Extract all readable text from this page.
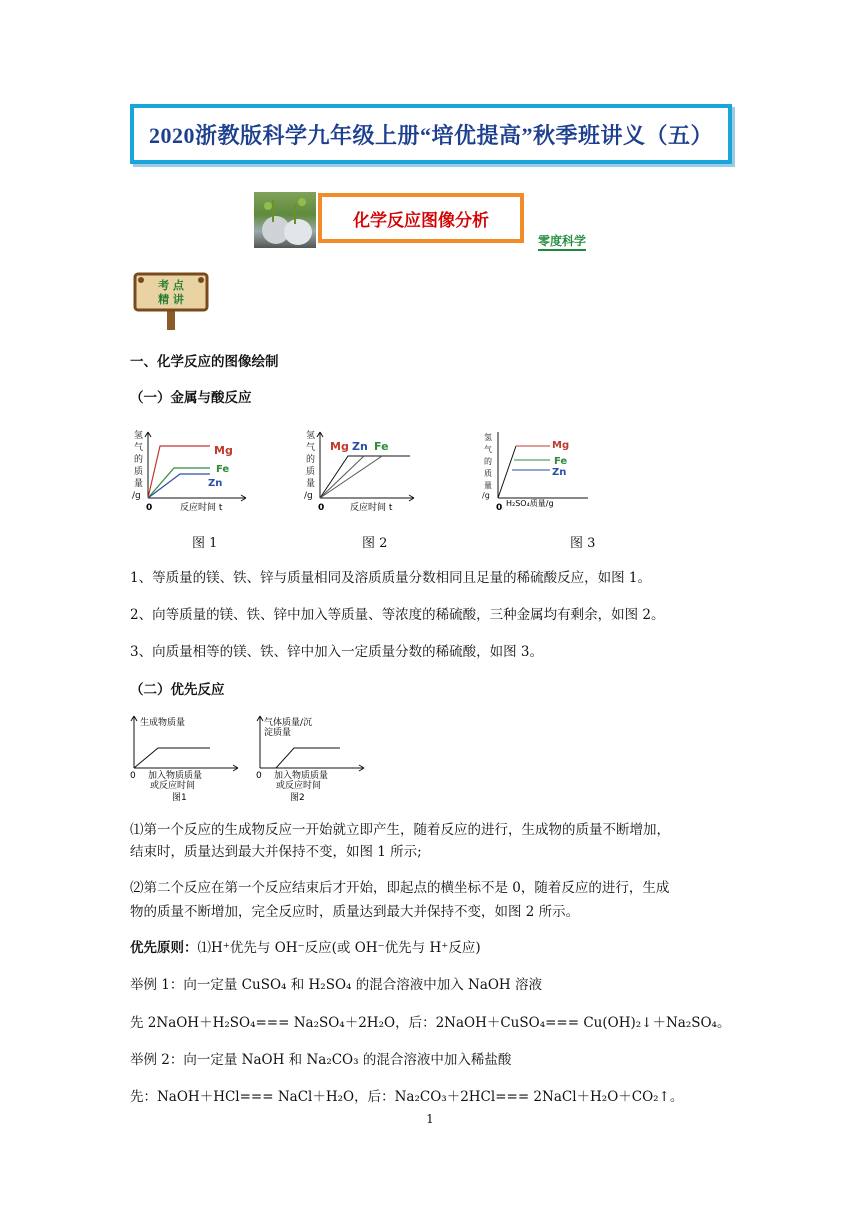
2020浙教版科学九年级上册“培优提高”秋季班讲义（五）
化学反应图像分析
零度科学
考 点
精 讲
一、化学反应的图像绘制
（一）金属与酸反应
氢
气
的
质
量
/g
Mg
Fe
Zn
0	反应时间 t
氢
气
的
质
量
/g
Mg Zn Fe
0	反应时间 t
氢
气
的
质
量
/g
Mg
Fe
Zn
0 H₂SO₄质量/g
图 1	图 2	图 3
1、等质量的镁、铁、锌与质量相同及溶质质量分数相同且足量的稀硫酸反应，如图 1。
2、向等质量的镁、铁、锌中加入等质量、等浓度的稀硫酸，三种金属均有剩余，如图 2。
3、向质量相等的镁、铁、锌中加入一定质量分数的稀硫酸，如图 3。
（二）优先反应
生成物质量
0 加入物质质量
或反应时间
图1
气体质量/沉
淀质量
0 加入物质质量
或反应时间
图2
⑴第一个反应的生成物反应一开始就立即产生，随着反应的进行，生成物的质量不断增加，
结束时，质量达到最大并保持不变，如图 1 所示;
⑵第二个反应在第一个反应结束后才开始，即起点的横坐标不是 0，随着反应的进行，生成
物的质量不断增加，完全反应时，质量达到最大并保持不变，如图 2 所示。
优先原则：⑴H⁺优先与 OH⁻反应(或 OH⁻优先与 H⁺反应)
举例 1：向一定量 CuSO₄ 和 H₂SO₄ 的混合溶液中加入 NaOH 溶液
先 2NaOH＋H₂SO₄=== Na₂SO₄＋2H₂O，后：2NaOH＋CuSO₄=== Cu(OH)₂↓＋Na₂SO₄。
举例 2：向一定量 NaOH 和 Na₂CO₃ 的混合溶液中加入稀盐酸
先：NaOH＋HCl=== NaCl＋H₂O，后：Na₂CO₃＋2HCl=== 2NaCl＋H₂O＋CO₂↑。
1
